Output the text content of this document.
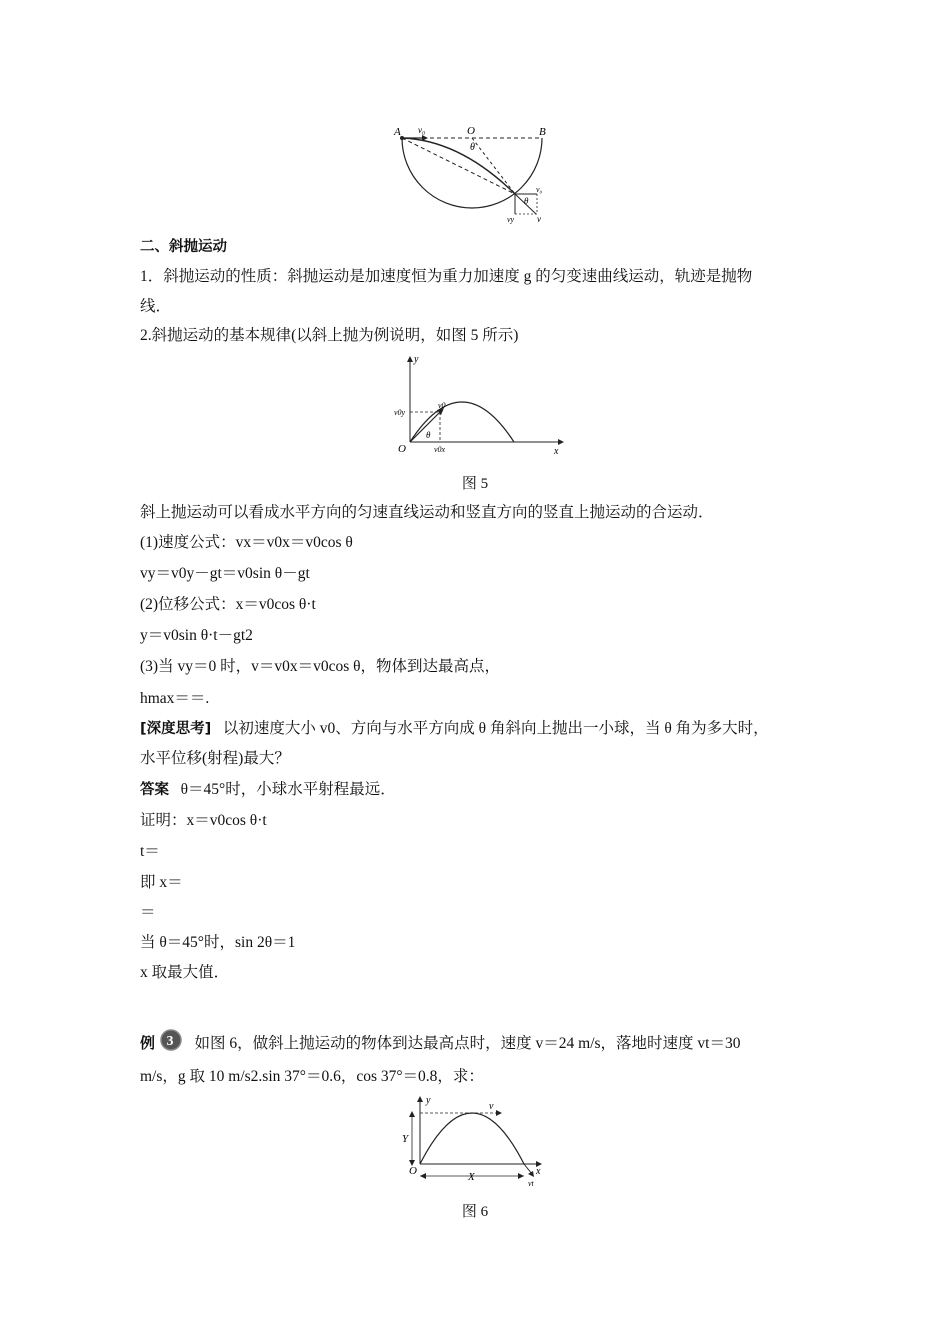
A v₀	O
θ
B
v₀
θ
vy	v
二、斜抛运动
1．斜抛运动的性质：斜抛运动是加速度恒为重力加速度 g 的匀变速曲线运动，轨迹是抛物
线．
2.斜抛运动的基本规律(以斜上抛为例说明，如图 5 所示)
y
v0y
v0
θ
O	v0x	x
图 5
斜上抛运动可以看成水平方向的匀速直线运动和竖直方向的竖直上抛运动的合运动．
(1)速度公式：vx＝v0x＝v0cos θ
vy＝v0y－gt＝v0sin θ－gt
(2)位移公式：x＝v0cos θ·t
y＝v0sin θ·t－gt2
(3)当 vy＝0 时，v＝v0x＝v0cos θ，物体到达最高点，
hmax＝＝.
[深度思考] 以初速度大小 v0、方向与水平方向成 θ 角斜向上抛出一小球，当 θ 角为多大时，
水平位移(射程)最大？
答案 θ＝45°时，小球水平射程最远．
证明：x＝v0cos θ·t
t＝
即 x＝
＝
当 θ＝45°时，sin 2θ＝1
x 取最大值．
例 3 如图 6，做斜上抛运动的物体到达最高点时，速度 v＝24 m/s，落地时速度 vt＝30
m/s，g 取 10 m/s2.sin 37°＝0.6，cos 37°＝0.8，求：
y
v
Y
O	X	x
vt
图 6
